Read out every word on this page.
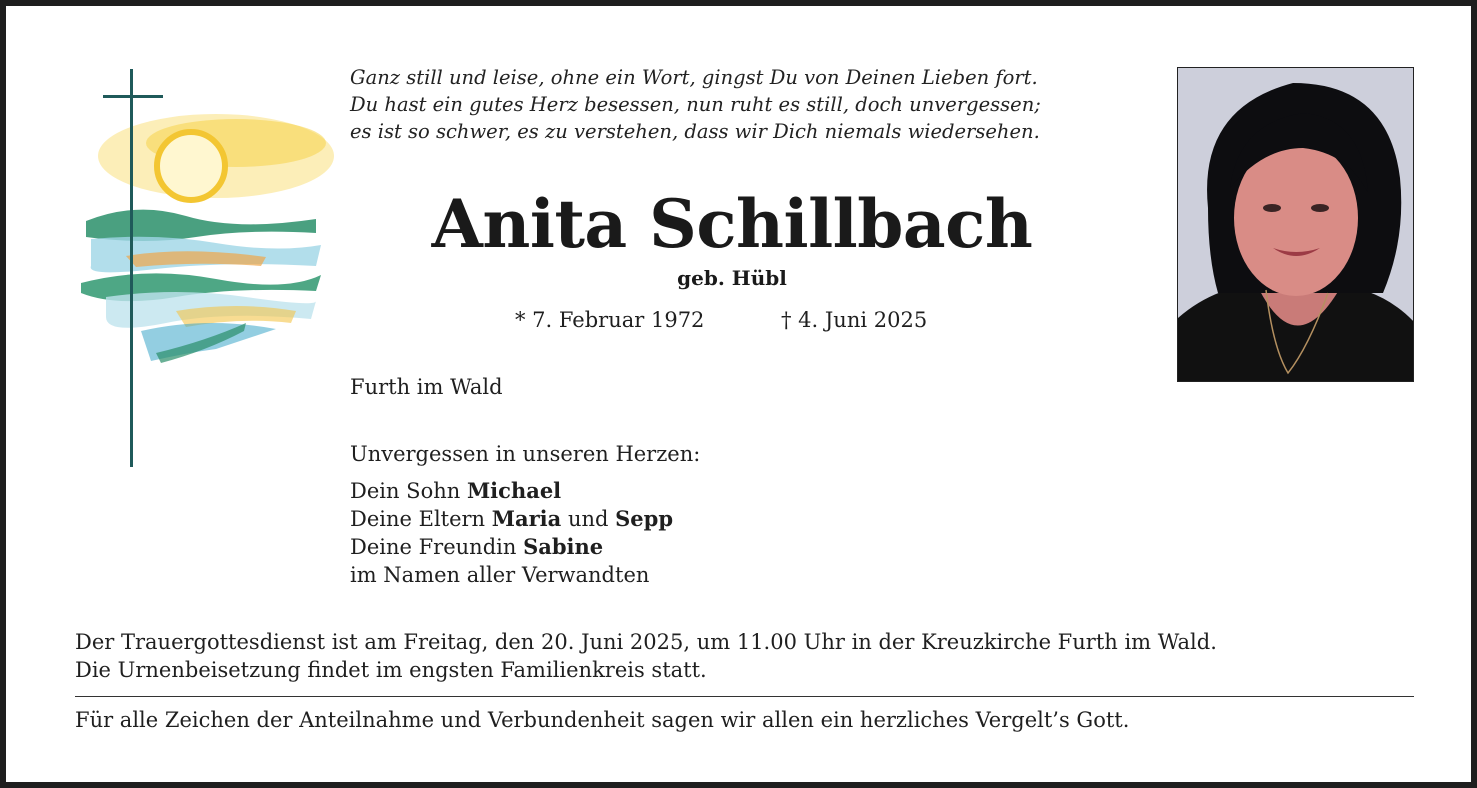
Ganz still und leise, ohne ein Wort, gingst Du von Deinen Lieben fort.
Du hast ein gutes Herz besessen, nun ruht es still, doch unvergessen;
es ist so schwer, es zu verstehen, dass wir Dich niemals wiedersehen.
Anita Schillbach
geb. Hübl
* 7. Februar 1972	† 4. Juni 2025
Furth im Wald
Unvergessen in unseren Herzen:
Dein Sohn Michael
Deine Eltern Maria und Sepp
Deine Freundin Sabine
im Namen aller Verwandten
Der Trauergottesdienst ist am Freitag, den 20. Juni 2025, um 11.00 Uhr in der Kreuzkirche Furth im Wald.
Die Urnenbeisetzung findet im engsten Familienkreis statt.
Für alle Zeichen der Anteilnahme und Verbundenheit sagen wir allen ein herzliches Vergelt’s Gott.
